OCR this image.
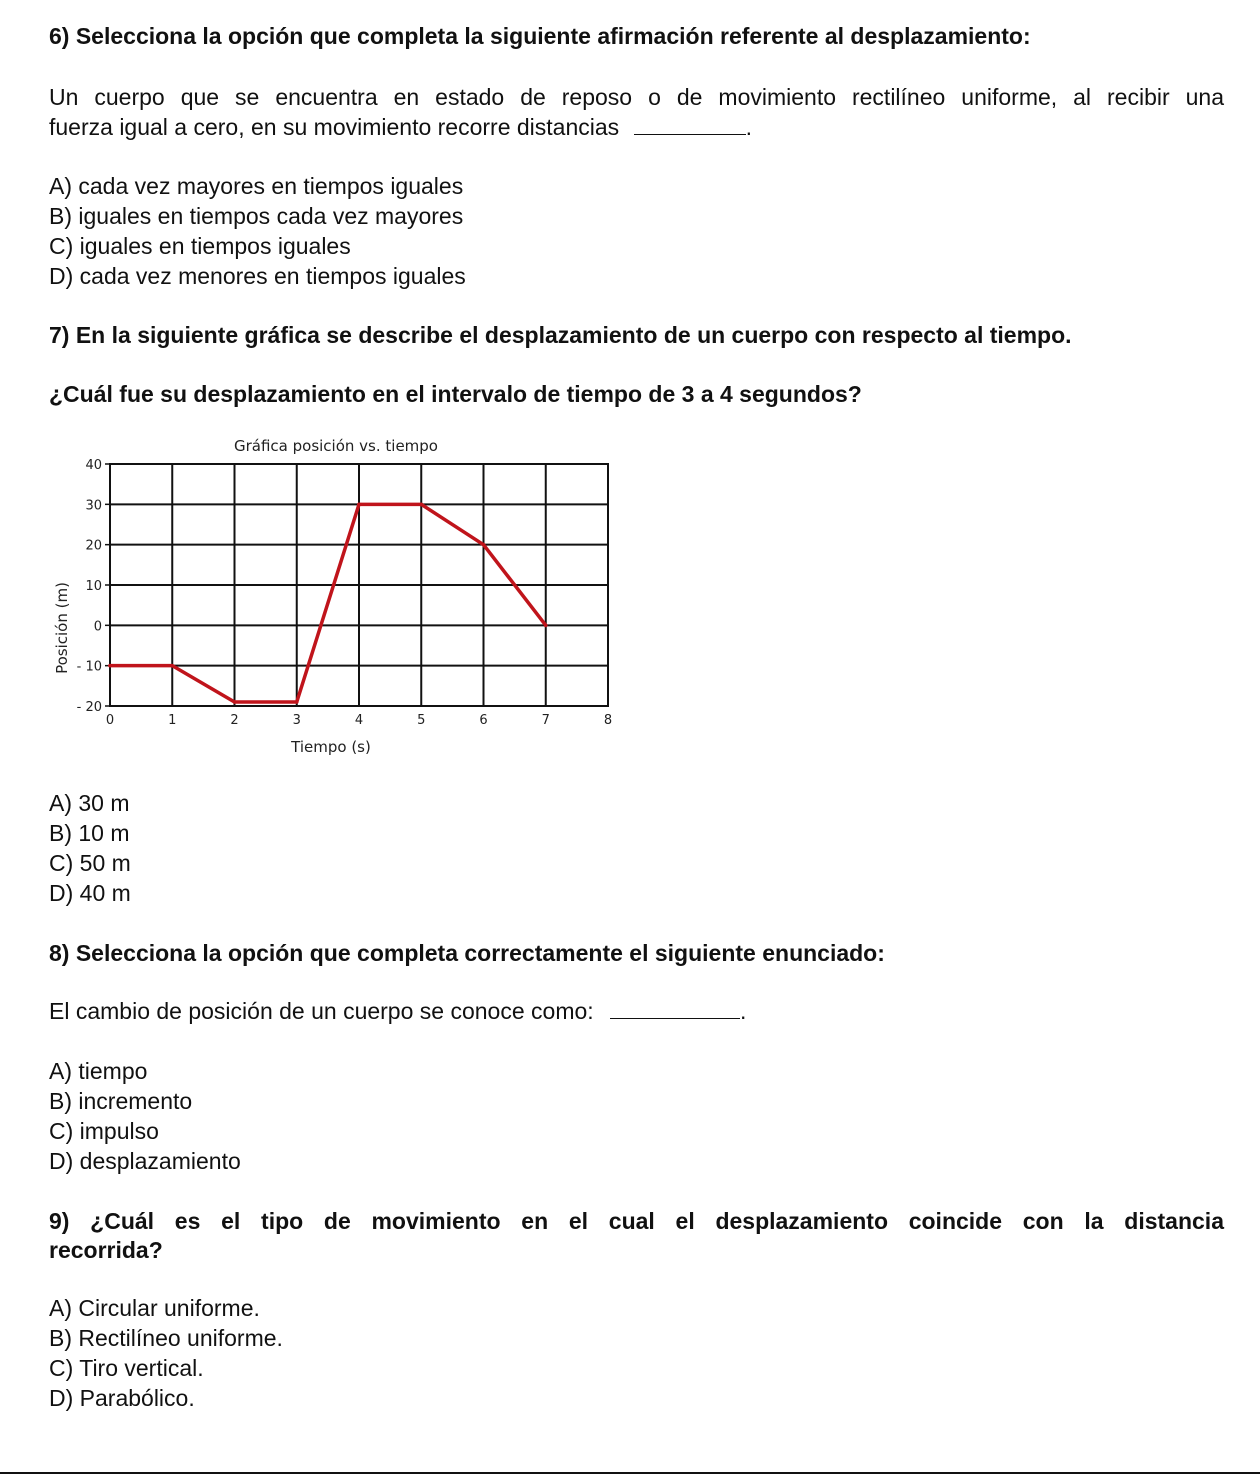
6) Selecciona la opción que completa la siguiente afirmación referente al desplazamiento:
Un cuerpo que se encuentra en estado de reposo o de movimiento rectilíneo uniforme, al recibir una
fuerza igual a cero, en su movimiento recorre distancias	.
A) cada vez mayores en tiempos iguales
B) iguales en tiempos cada vez mayores
C) iguales en tiempos iguales
D) cada vez menores en tiempos iguales
7) En la siguiente gráfica se describe el desplazamiento de un cuerpo con respecto al tiempo.
¿Cuál fue su desplazamiento en el intervalo de tiempo de 3 a 4 segundos?
Gráfica posición vs. tiempo
Tiempo (s)
Posición (m)
0	1	2	3	4	5	6	7	8
40
30
20
10
0
- 10
- 20
A) 30 m
B) 10 m
C) 50 m
D) 40 m
8) Selecciona la opción que completa correctamente el siguiente enunciado:
El cambio de posición de un cuerpo se conoce como:	.
A) tiempo
B) incremento
C) impulso
D) desplazamiento
9) ¿Cuál es el tipo de movimiento en el cual el desplazamiento coincide con la distancia
recorrida?
A) Circular uniforme.
B) Rectilíneo uniforme.
C) Tiro vertical.
D) Parabólico.
